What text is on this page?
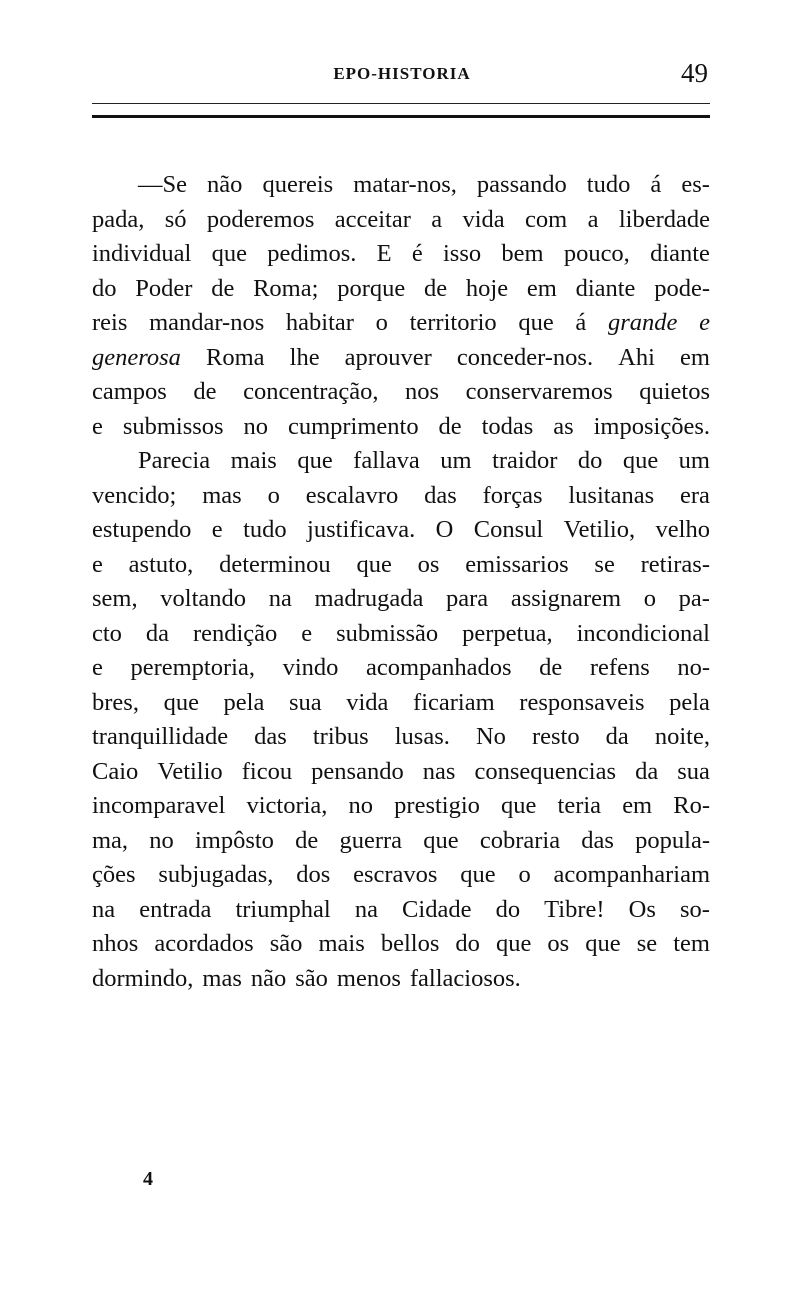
EPO-HISTORIA	49
—Se não quereis matar-nos, passando tudo á es-
pada, só poderemos acceitar a vida com a liberdade
individual que pedimos. E é isso bem pouco, diante
do Poder de Roma; porque de hoje em diante pode-
reis mandar-nos habitar o territorio que á grande e
generosa Roma lhe aprouver conceder-nos. Ahi em
campos de concentração, nos conservaremos quietos
e submissos no cumprimento de todas as imposições.
Parecia mais que fallava um traidor do que um
vencido; mas o escalavro das forças lusitanas era
estupendo e tudo justificava. O Consul Vetilio, velho
e astuto, determinou que os emissarios se retiras-
sem, voltando na madrugada para assignarem o pa-
cto da rendição e submissão perpetua, incondicional
e peremptoria, vindo acompanhados de refens no-
bres, que pela sua vida ficariam responsaveis pela
tranquillidade das tribus lusas. No resto da noite,
Caio Vetilio ficou pensando nas consequencias da sua
incomparavel victoria, no prestigio que teria em Ro-
ma, no impôsto de guerra que cobraria das popula-
ções subjugadas, dos escravos que o acompanhariam
na entrada triumphal na Cidade do Tibre! Os so-
nhos acordados são mais bellos do que os que se tem
dormindo, mas não são menos fallaciosos.
4
